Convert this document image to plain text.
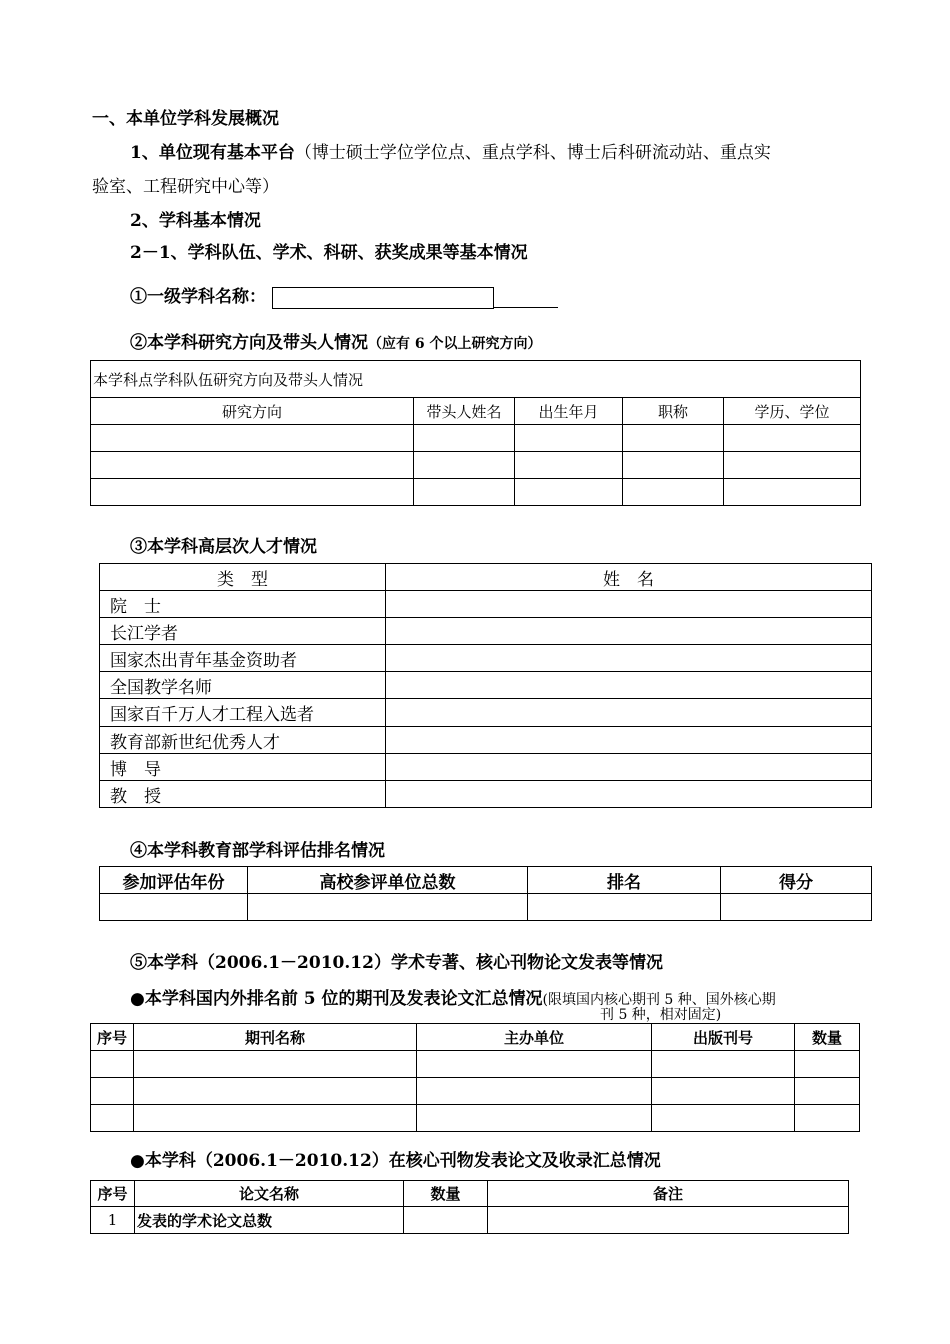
一、本单位学科发展概况
1、单位现有基本平台（博士硕士学位学位点、重点学科、博士后科研流动站、重点实
验室、工程研究中心等）
2、学科基本情况
2－1、学科队伍、学术、科研、获奖成果等基本情况
①一级学科名称：
②本学科研究方向及带头人情况（应有 6 个以上研究方向）
本学科点学科队伍研究方向及带头人情况				
研究方向	带头人姓名	出生年月	职称	学历、学位

③本学科高层次人才情况
类　型	姓　名
院　士	
长江学者	
国家杰出青年基金资助者	
全国教学名师	
国家百千万人才工程入选者	
教育部新世纪优秀人才	
博　导	
教　授	
④本学科教育部学科评估排名情况
参加评估年份	高校参评单位总数	排名	得分

⑤本学科（2006.1－2010.12）学术专著、核心刊物论文发表等情况
●本学科国内外排名前 5 位的期刊及发表论文汇总情况(限填国内核心期刊 5 种、国外核心期
刊 5 种，相对固定)
序号	期刊名称	主办单位	出版刊号	数量

●本学科（2006.1－2010.12）在核心刊物发表论文及收录汇总情况
序号	论文名称	数量	备注
1	发表的学术论文总数		
